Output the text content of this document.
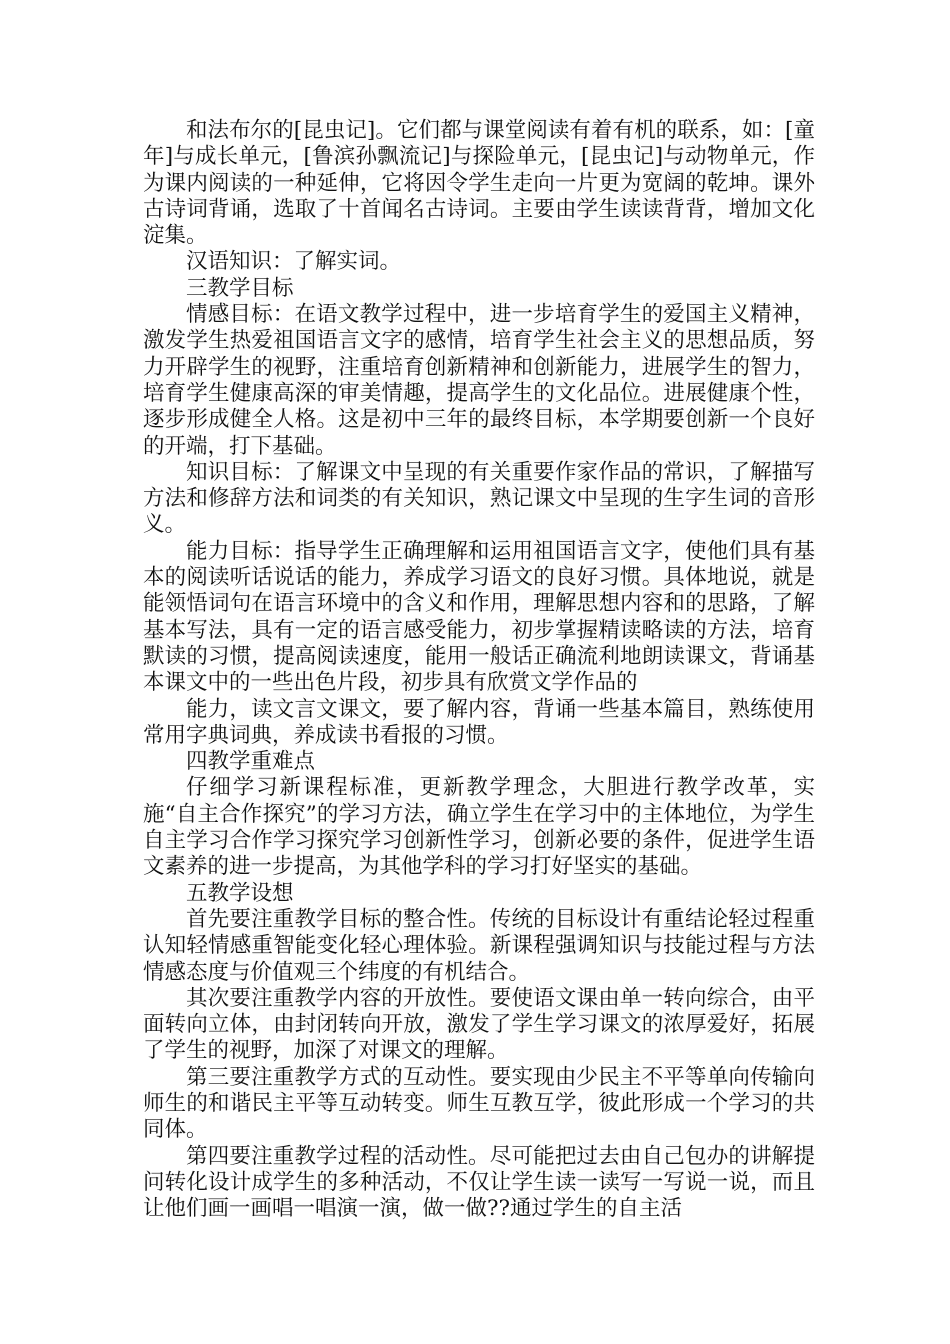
和法布尔的[昆虫记]。它们都与课堂阅读有着有机的联系，如：[童年]与成长单元，[鲁滨孙飘流记]与探险单元，[昆虫记]与动物单元，作为课内阅读的一种延伸，它将因令学生走向一片更为宽阔的乾坤。课外古诗词背诵，选取了十首闻名古诗词。主要由学生读读背背，增加文化淀集。

汉语知识：了解实词。

三教学目标

情感目标：在语文教学过程中，进一步培育学生的爱国主义精神，激发学生热爱祖国语言文字的感情，培育学生社会主义的思想品质，努力开辟学生的视野，注重培育创新精神和创新能力，进展学生的智力，培育学生健康高深的审美情趣，提高学生的文化品位。进展健康个性，逐步形成健全人格。这是初中三年的最终目标，本学期要创新一个良好的开端，打下基础。

知识目标：了解课文中呈现的有关重要作家作品的常识，了解描写方法和修辞方法和词类的有关知识，熟记课文中呈现的生字生词的音形义。

能力目标：指导学生正确理解和运用祖国语言文字，使他们具有基本的阅读听话说话的能力，养成学习语文的良好习惯。具体地说，就是能领悟词句在语言环境中的含义和作用，理解思想内容和的思路，了解基本写法，具有一定的语言感受能力，初步掌握精读略读的方法，培育默读的习惯，提高阅读速度，能用一般话正确流利地朗读课文，背诵基本课文中的一些出色片段，初步具有欣赏文学作品的

能力，读文言文课文，要了解内容，背诵一些基本篇目，熟练使用常用字典词典，养成读书看报的习惯。

四教学重难点

仔细学习新课程标准，更新教学理念，大胆进行教学改革，实施“自主合作探究”的学习方法，确立学生在学习中的主体地位，为学生自主学习合作学习探究学习创新性学习，创新必要的条件，促进学生语文素养的进一步提高，为其他学科的学习打好坚实的基础。

五教学设想

首先要注重教学目标的整合性。传统的目标设计有重结论轻过程重认知轻情感重智能变化轻心理体验。新课程强调知识与技能过程与方法情感态度与价值观三个纬度的有机结合。

其次要注重教学内容的开放性。要使语文课由单一转向综合，由平面转向立体，由封闭转向开放，激发了学生学习课文的浓厚爱好，拓展了学生的视野，加深了对课文的理解。

第三要注重教学方式的互动性。要实现由少民主不平等单向传输向师生的和谐民主平等互动转变。师生互教互学，彼此形成一个学习的共同体。

第四要注重教学过程的活动性。尽可能把过去由自己包办的讲解提问转化设计成学生的多种活动，不仅让学生读一读写一写说一说，而且让他们画一画唱一唱演一演，做一做??通过学生的自主活
